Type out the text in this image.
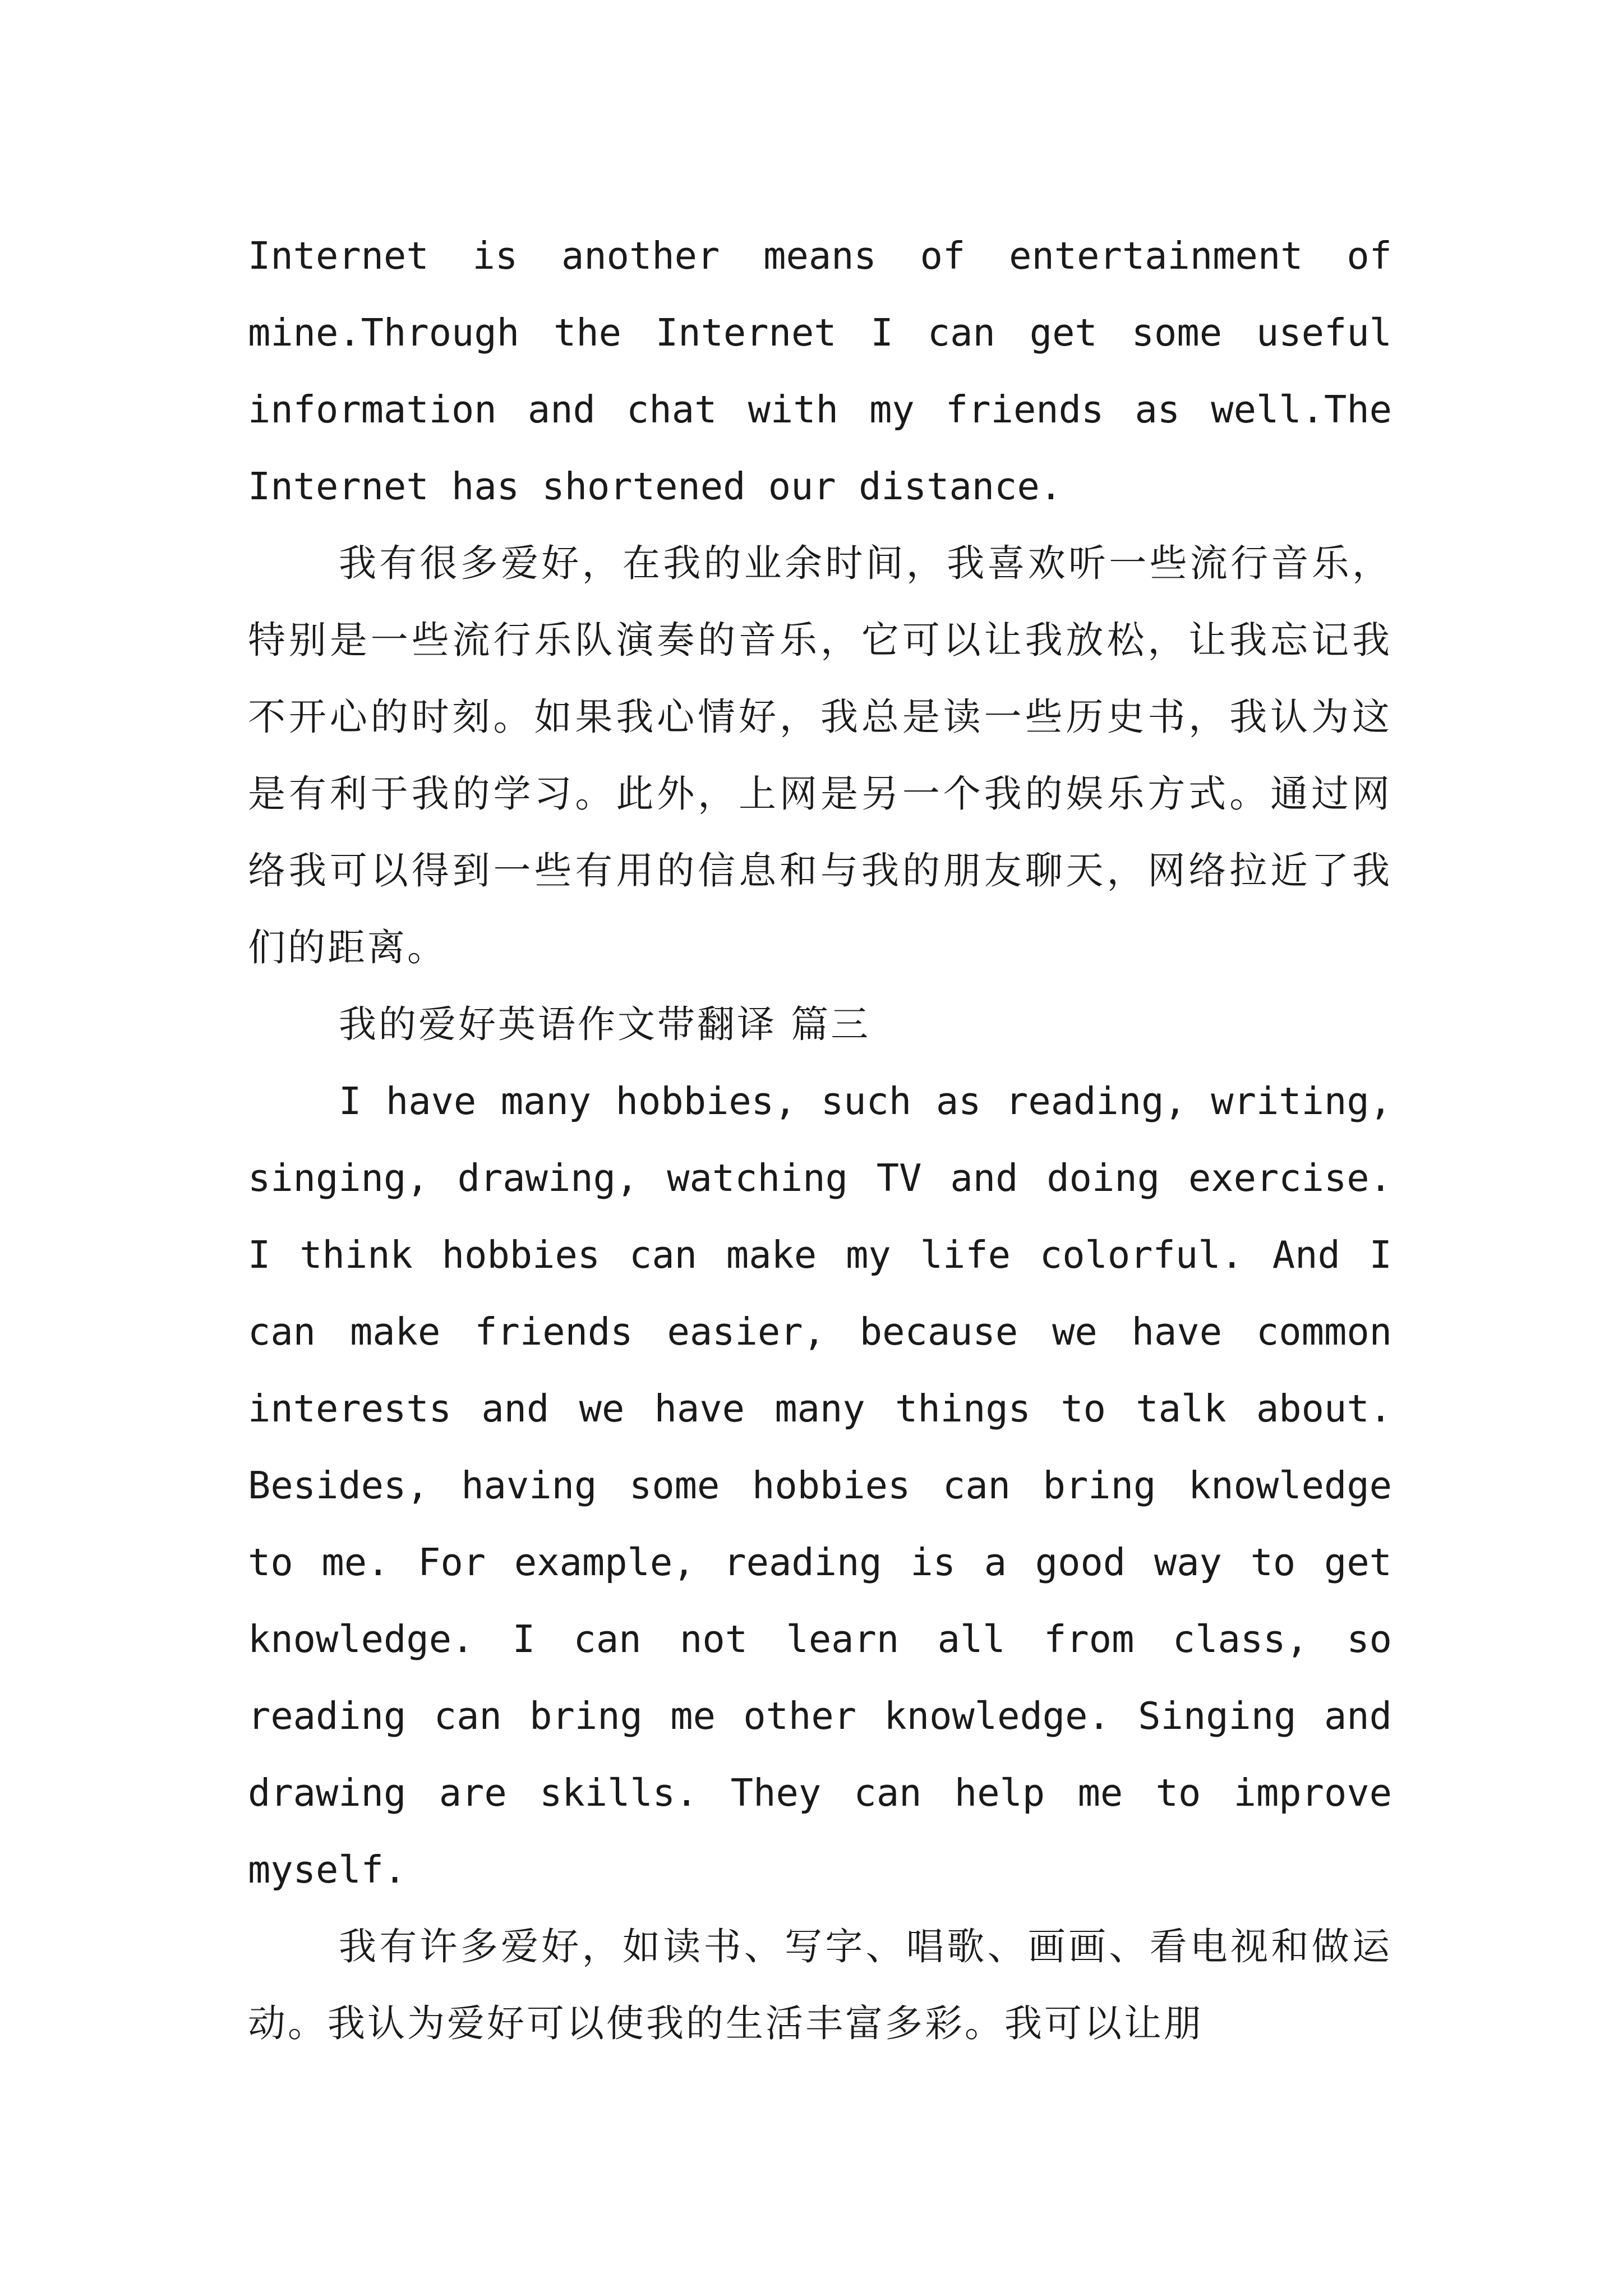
Internet is another means of entertainment of mine.Through the Internet I can get some useful information and chat with my friends as well.The Internet has shortened our distance.

我有很多爱好，在我的业余时间，我喜欢听一些流行音乐，特别是一些流行乐队演奏的音乐，它可以让我放松，让我忘记我不开心的时刻。如果我心情好，我总是读一些历史书，我认为这是有利于我的学习。此外，上网是另一个我的娱乐方式。通过网络我可以得到一些有用的信息和与我的朋友聊天，网络拉近了我们的距离。

我的爱好英语作文带翻译 篇三

I have many hobbies, such as reading, writing, singing, drawing, watching TV and doing exercise. I think hobbies can make my life colorful. And I can make friends easier, because we have common interests and we have many things to talk about. Besides, having some hobbies can bring knowledge to me. For example, reading is a good way to get knowledge. I can not learn all from class, so reading can bring me other knowledge. Singing and drawing are skills. They can help me to improve myself.

我有许多爱好，如读书、写字、唱歌、画画、看电视和做运动。我认为爱好可以使我的生活丰富多彩。我可以让朋
